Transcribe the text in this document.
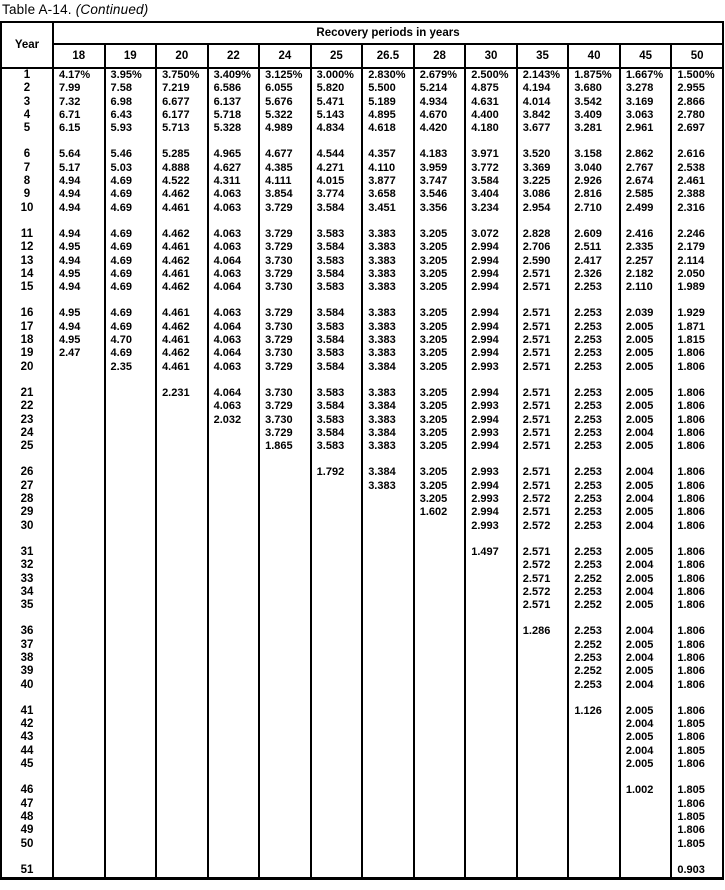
Table A-14. (Continued)
Year	Recovery periods in years												
	18	19	20	22	24	25	26.5	28	30	35	40	45	50
1	4.17%	3.95%	3.750%	3.409%	3.125%	3.000%	2.830%	2.679%	2.500%	2.143%	1.875%	1.667%	1.500%
2	7.99	7.58	7.219	6.586	6.055	5.820	5.500	5.214	4.875	4.194	3.680	3.278	2.955
3	7.32	6.98	6.677	6.137	5.676	5.471	5.189	4.934	4.631	4.014	3.542	3.169	2.866
4	6.71	6.43	6.177	5.718	5.322	5.143	4.895	4.670	4.400	3.842	3.409	3.063	2.780
5	6.15	5.93	5.713	5.328	4.989	4.834	4.618	4.420	4.180	3.677	3.281	2.961	2.697

6	5.64	5.46	5.285	4.965	4.677	4.544	4.357	4.183	3.971	3.520	3.158	2.862	2.616
7	5.17	5.03	4.888	4.627	4.385	4.271	4.110	3.959	3.772	3.369	3.040	2.767	2.538
8	4.94	4.69	4.522	4.311	4.111	4.015	3.877	3.747	3.584	3.225	2.926	2.674	2.461
9	4.94	4.69	4.462	4.063	3.854	3.774	3.658	3.546	3.404	3.086	2.816	2.585	2.388
10	4.94	4.69	4.461	4.063	3.729	3.584	3.451	3.356	3.234	2.954	2.710	2.499	2.316

11	4.94	4.69	4.462	4.063	3.729	3.583	3.383	3.205	3.072	2.828	2.609	2.416	2.246
12	4.95	4.69	4.461	4.063	3.729	3.584	3.383	3.205	2.994	2.706	2.511	2.335	2.179
13	4.94	4.69	4.462	4.064	3.730	3.583	3.383	3.205	2.994	2.590	2.417	2.257	2.114
14	4.95	4.69	4.461	4.063	3.729	3.584	3.383	3.205	2.994	2.571	2.326	2.182	2.050
15	4.94	4.69	4.462	4.064	3.730	3.583	3.383	3.205	2.994	2.571	2.253	2.110	1.989

16	4.95	4.69	4.461	4.063	3.729	3.584	3.383	3.205	2.994	2.571	2.253	2.039	1.929
17	4.94	4.69	4.462	4.064	3.730	3.583	3.383	3.205	2.994	2.571	2.253	2.005	1.871
18	4.95	4.70	4.461	4.063	3.729	3.584	3.383	3.205	2.994	2.571	2.253	2.005	1.815
19	2.47	4.69	4.462	4.064	3.730	3.583	3.383	3.205	2.994	2.571	2.253	2.005	1.806
20		2.35	4.461	4.063	3.729	3.584	3.384	3.205	2.993	2.571	2.253	2.005	1.806

21			2.231	4.064	3.730	3.583	3.383	3.205	2.994	2.571	2.253	2.005	1.806
22				4.063	3.729	3.584	3.384	3.205	2.993	2.571	2.253	2.005	1.806
23				2.032	3.730	3.583	3.383	3.205	2.994	2.571	2.253	2.005	1.806
24					3.729	3.584	3.384	3.205	2.993	2.571	2.253	2.004	1.806
25					1.865	3.583	3.383	3.205	2.994	2.571	2.253	2.005	1.806

26						1.792	3.384	3.205	2.993	2.571	2.253	2.004	1.806
27							3.383	3.205	2.994	2.571	2.253	2.005	1.806
28								3.205	2.993	2.572	2.253	2.004	1.806
29								1.602	2.994	2.571	2.253	2.005	1.806
30									2.993	2.572	2.253	2.004	1.806

31									1.497	2.571	2.253	2.005	1.806
32										2.572	2.253	2.004	1.806
33										2.571	2.252	2.005	1.806
34										2.572	2.253	2.004	1.806
35										2.571	2.252	2.005	1.806

36										1.286	2.253	2.004	1.806
37											2.252	2.005	1.806
38											2.253	2.004	1.806
39											2.252	2.005	1.806
40											2.253	2.004	1.806

41											1.126	2.005	1.806
42												2.004	1.805
43												2.005	1.806
44												2.004	1.805
45												2.005	1.806

46												1.002	1.805
47													1.806
48													1.805
49													1.806
50													1.805

51													0.903
